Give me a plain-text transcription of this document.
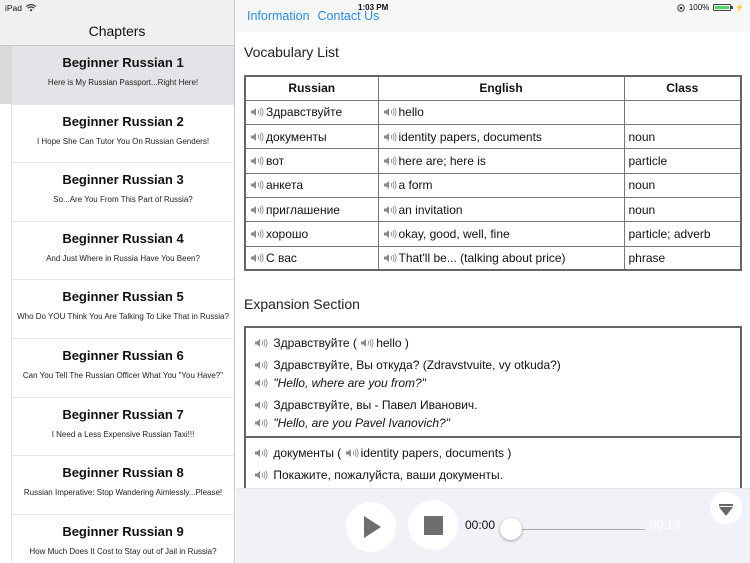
Chapters
Beginner Russian 1
Here is My Russian Passport...Right Here!
Beginner Russian 2
I Hope She Can Tutor You On Russian Genders!
Beginner Russian 3
So...Are You From This Part of Russia?
Beginner Russian 4
And Just Where in Russia Have You Been?
Beginner Russian 5
Who Do YOU Think You Are Talking To Like That in Russia?
Beginner Russian 6
Can You Tell The Russian Officer What You "You Have?"
Beginner Russian 7
I Need a Less Expensive Russian Taxi!!!
Beginner Russian 8
Russian Imperative: Stop Wandering Aimlessly...Please!
Beginner Russian 9
How Much Does It Cost to Stay out of Jail in Russia?
Information Contact Us
Vocabulary List
Russian	English	Class
Здравствуйте	hello	
документы	identity papers, documents	noun
вот	here are; here is	particle
анкета	a form	noun
приглашение	an invitation	noun
хорошо	okay, good, well, fine	particle; adverb
С вас	That'll be... (talking about price)	phrase
Expansion Section
Здравствуйте ( hello )
Здравствуйте, Вы откуда? (Zdravstvuite, vy otkuda?)
"Hello, where are you from?"
Здравствуйте, вы - Павел Иванович.
"Hello, are you Pavel Ivanovich?"
документы ( identity papers, documents )
Покажите, пожалуйста, ваши документы.
00:00	00:13
iPad	1:03 PM	100%	⚡
